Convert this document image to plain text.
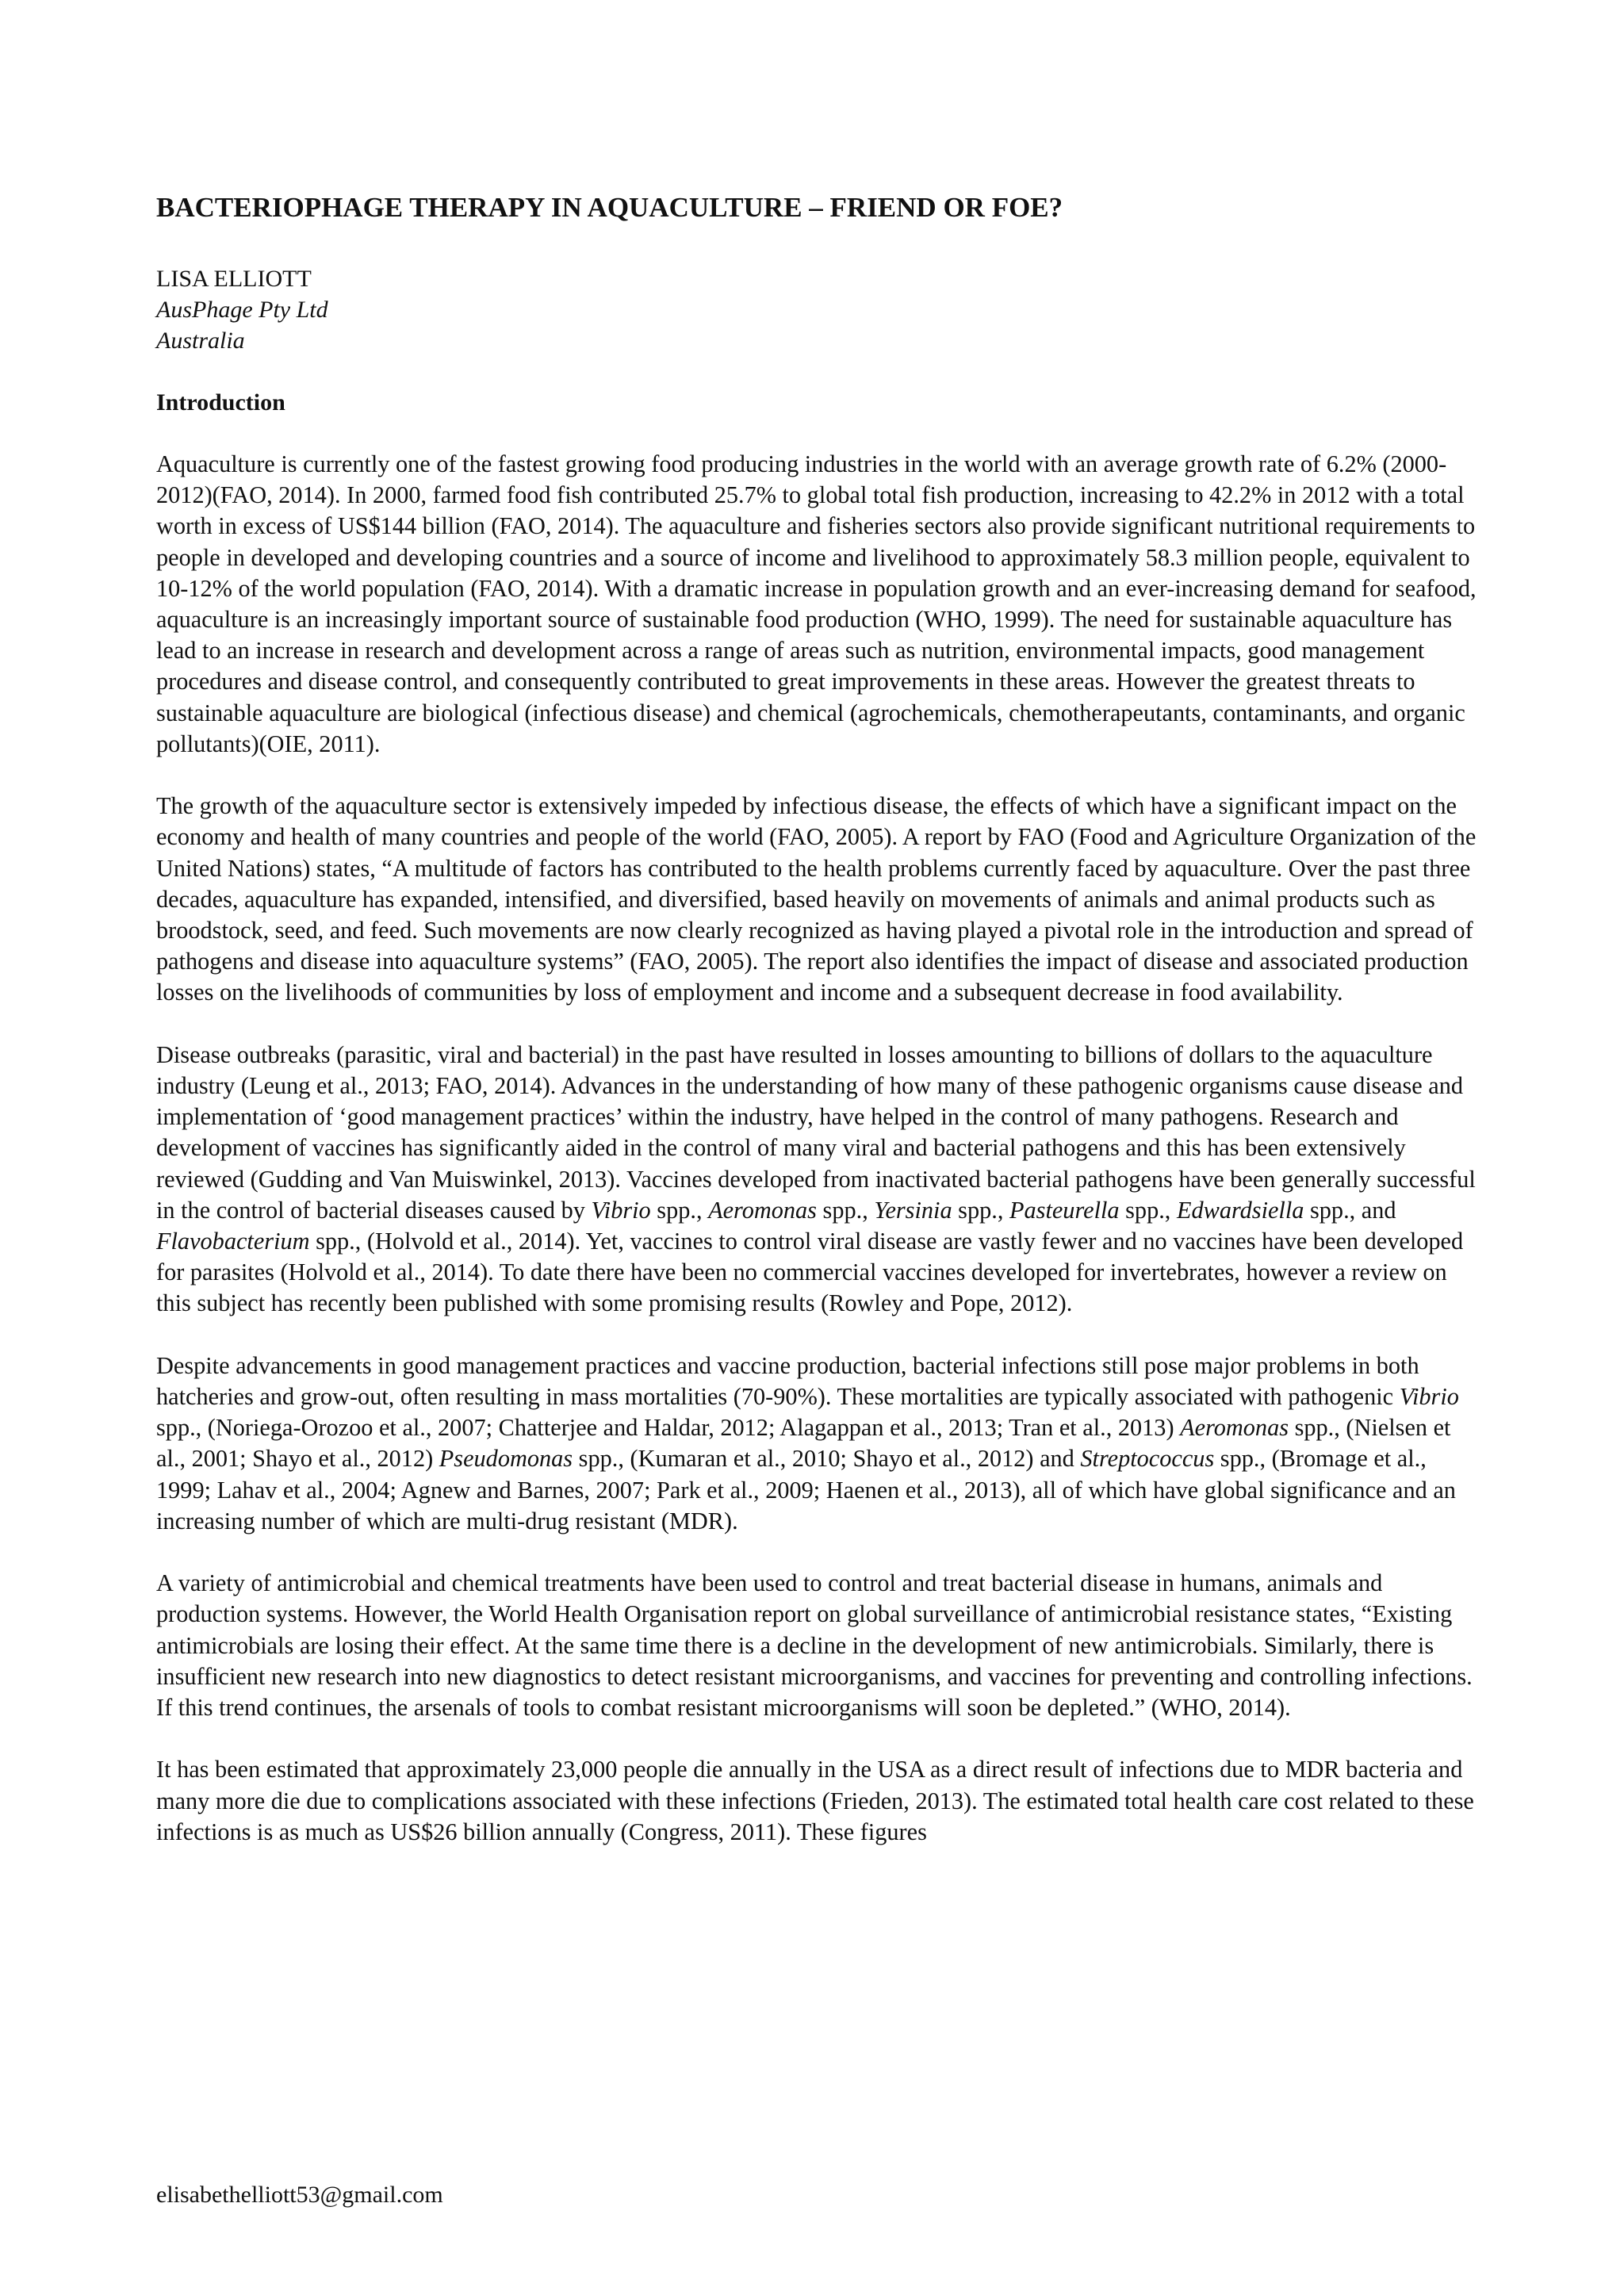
BACTERIOPHAGE THERAPY IN AQUACULTURE – FRIEND OR FOE?

LISA ELLIOTT

AusPhage Pty Ltd

Australia

Introduction

Aquaculture is currently one of the fastest growing food producing industries in the world with an average growth rate of 6.2% (2000-2012)(FAO, 2014). In 2000, farmed food fish contributed 25.7% to global total fish production, increasing to 42.2% in 2012 with a total worth in excess of US$144 billion (FAO, 2014). The aquaculture and fisheries sectors also provide significant nutritional requirements to people in developed and developing countries and a source of income and livelihood to approximately 58.3 million people, equivalent to 10-12% of the world population (FAO, 2014). With a dramatic increase in population growth and an ever-increasing demand for seafood, aquaculture is an increasingly important source of sustainable food production (WHO, 1999). The need for sustainable aquaculture has lead to an increase in research and development across a range of areas such as nutrition, environmental impacts, good management procedures and disease control, and consequently contributed to great improvements in these areas. However the greatest threats to sustainable aquaculture are biological (infectious disease) and chemical (agrochemicals, chemotherapeutants, contaminants, and organic pollutants)(OIE, 2011).

The growth of the aquaculture sector is extensively impeded by infectious disease, the effects of which have a significant impact on the economy and health of many countries and people of the world (FAO, 2005). A report by FAO (Food and Agriculture Organization of the United Nations) states, “A multitude of factors has contributed to the health problems currently faced by aquaculture. Over the past three decades, aquaculture has expanded, intensified, and diversified, based heavily on movements of animals and animal products such as broodstock, seed, and feed. Such movements are now clearly recognized as having played a pivotal role in the introduction and spread of pathogens and disease into aquaculture systems” (FAO, 2005). The report also identifies the impact of disease and associated production losses on the livelihoods of communities by loss of employment and income and a subsequent decrease in food availability.

Disease outbreaks (parasitic, viral and bacterial) in the past have resulted in losses amounting to billions of dollars to the aquaculture industry (Leung et al., 2013; FAO, 2014). Advances in the understanding of how many of these pathogenic organisms cause disease and implementation of ‘good management practices’ within the industry, have helped in the control of many pathogens. Research and development of vaccines has significantly aided in the control of many viral and bacterial pathogens and this has been extensively reviewed (Gudding and Van Muiswinkel, 2013). Vaccines developed from inactivated bacterial pathogens have been generally successful in the control of bacterial diseases caused by Vibrio spp., Aeromonas spp., Yersinia spp., Pasteurella spp., Edwardsiella spp., and Flavobacterium spp., (Holvold et al., 2014). Yet, vaccines to control viral disease are vastly fewer and no vaccines have been developed for parasites (Holvold et al., 2014). To date there have been no commercial vaccines developed for invertebrates, however a review on this subject has recently been published with some promising results (Rowley and Pope, 2012).

Despite advancements in good management practices and vaccine production, bacterial infections still pose major problems in both hatcheries and grow-out, often resulting in mass mortalities (70-90%). These mortalities are typically associated with pathogenic Vibrio spp., (Noriega-Orozoo et al., 2007; Chatterjee and Haldar, 2012; Alagappan et al., 2013; Tran et al., 2013) Aeromonas spp., (Nielsen et al., 2001; Shayo et al., 2012) Pseudomonas spp., (Kumaran et al., 2010; Shayo et al., 2012) and Streptococcus spp., (Bromage et al., 1999; Lahav et al., 2004; Agnew and Barnes, 2007; Park et al., 2009; Haenen et al., 2013), all of which have global significance and an increasing number of which are multi-drug resistant (MDR).

A variety of antimicrobial and chemical treatments have been used to control and treat bacterial disease in humans, animals and production systems. However, the World Health Organisation report on global surveillance of antimicrobial resistance states, “Existing antimicrobials are losing their effect. At the same time there is a decline in the development of new antimicrobials. Similarly, there is insufficient new research into new diagnostics to detect resistant microorganisms, and vaccines for preventing and controlling infections. If this trend continues, the arsenals of tools to combat resistant microorganisms will soon be depleted.” (WHO, 2014).

It has been estimated that approximately 23,000 people die annually in the USA as a direct result of infections due to MDR bacteria and many more die due to complications associated with these infections (Frieden, 2013). The estimated total health care cost related to these infections is as much as US$26 billion annually (Congress, 2011). These figures

elisabethelliott53@gmail.com
